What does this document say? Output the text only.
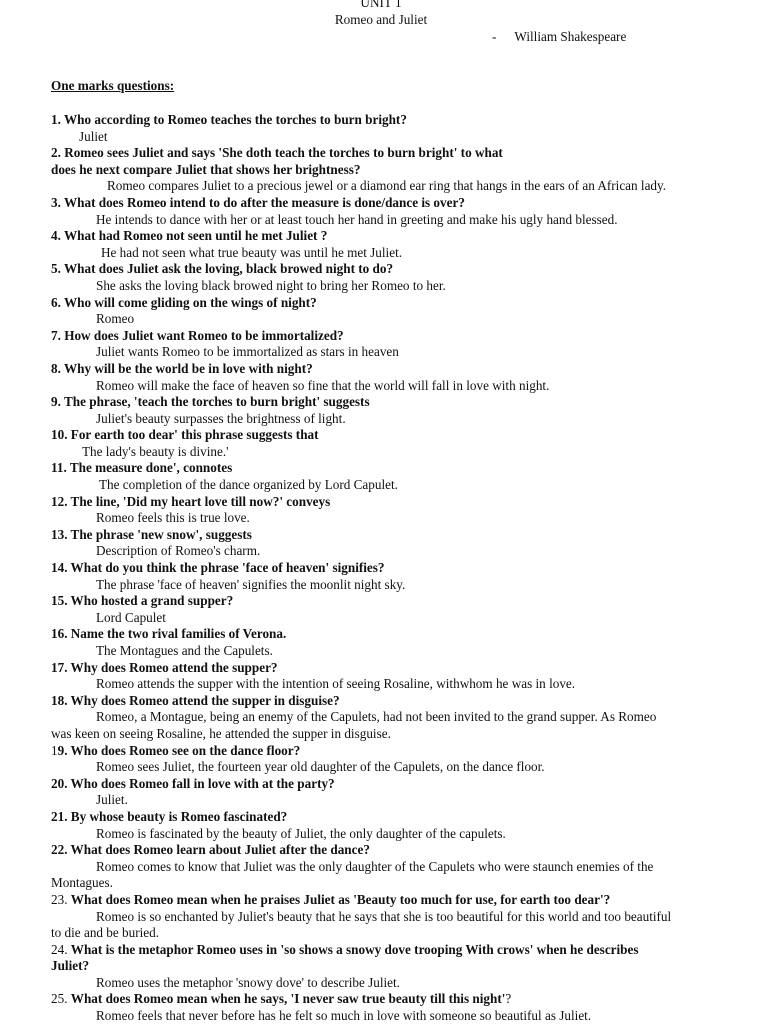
UNIT 1
Romeo and Juliet
- William Shakespeare
One marks questions:

1. Who according to Romeo teaches the torches to burn bright?

Juliet

2. Romeo sees Juliet and says 'She doth teach the torches to burn bright' to what

does he next compare Juliet that shows her brightness?

Romeo compares Juliet to a precious jewel or a diamond ear ring that hangs in the ears of an African lady.

3. What does Romeo intend to do after the measure is done/dance is over?

He intends to dance with her or at least touch her hand in greeting and make his ugly hand blessed.

4. What had Romeo not seen until he met Juliet ?

He had not seen what true beauty was until he met Juliet.

5. What does Juliet ask the loving, black browed night to do?

She asks the loving black browed night to bring her Romeo to her.

6. Who will come gliding on the wings of night?

Romeo

7. How does Juliet want Romeo to be immortalized?

Juliet wants Romeo to be immortalized as stars in heaven

8. Why will be the world be in love with night?

Romeo will make the face of heaven so fine that the world will fall in love with night.

9. The phrase, 'teach the torches to burn bright' suggests

Juliet's beauty surpasses the brightness of light.

10. For earth too dear' this phrase suggests that

The lady's beauty is divine.'

11. The measure done', connotes

The completion of the dance organized by Lord Capulet.

12. The line, 'Did my heart love till now?' conveys

Romeo feels this is true love.

13. The phrase 'new snow', suggests

Description of Romeo's charm.

14. What do you think the phrase 'face of heaven' signifies?

The phrase 'face of heaven' signifies the moonlit night sky.

15. Who hosted a grand supper?

Lord Capulet

16. Name the two rival families of Verona.

The Montagues and the Capulets.

17. Why does Romeo attend the supper?

Romeo attends the supper with the intention of seeing Rosaline, withwhom he was in love.

18. Why does Romeo attend the supper in disguise?

Romeo, a Montague, being an enemy of the Capulets, had not been invited to the grand supper. As Romeo

was keen on seeing Rosaline, he attended the supper in disguise.

19. Who does Romeo see on the dance floor?

Romeo sees Juliet, the fourteen year old daughter of the Capulets, on the dance floor.

20. Who does Romeo fall in love with at the party?

Juliet.

21. By whose beauty is Romeo fascinated?

Romeo is fascinated by the beauty of Juliet, the only daughter of the capulets.

22. What does Romeo learn about Juliet after the dance?

Romeo comes to know that Juliet was the only daughter of the Capulets who were staunch enemies of the

Montagues.

23. What does Romeo mean when he praises Juliet as 'Beauty too much for use, for earth too dear'?

Romeo is so enchanted by Juliet's beauty that he says that she is too beautiful for this world and too beautiful

to die and be buried.

24. What is the metaphor Romeo uses in 'so shows a snowy dove trooping With crows' when he describes

Juliet?

Romeo uses the metaphor 'snowy dove' to describe Juliet.

25. What does Romeo mean when he says, 'I never saw true beauty till this night'?

Romeo feels that never before has he felt so much in love with someone so beautiful as Juliet.
